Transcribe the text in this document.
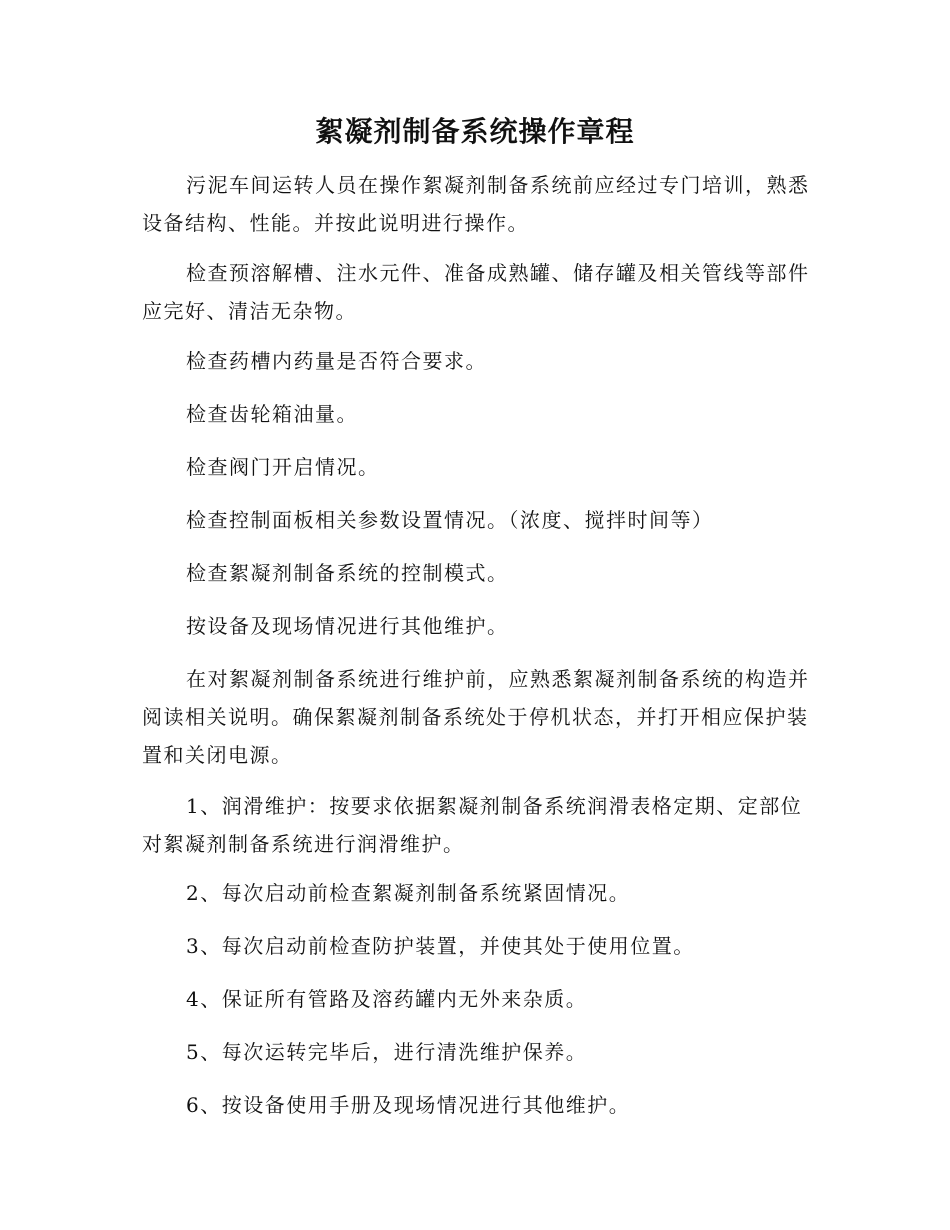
絮凝剂制备系统操作章程

污泥车间运转人员在操作絮凝剂制备系统前应经过专门培训，熟悉设备结构、性能。并按此说明进行操作。

检查预溶解槽、注水元件、准备成熟罐、储存罐及相关管线等部件应完好、清洁无杂物。

检查药槽内药量是否符合要求。

检查齿轮箱油量。

检查阀门开启情况。

检查控制面板相关参数设置情况。（浓度、搅拌时间等）

检查絮凝剂制备系统的控制模式。

按设备及现场情况进行其他维护。

在对絮凝剂制备系统进行维护前，应熟悉絮凝剂制备系统的构造并阅读相关说明。确保絮凝剂制备系统处于停机状态，并打开相应保护装置和关闭电源。

1、润滑维护：按要求依据絮凝剂制备系统润滑表格定期、定部位对絮凝剂制备系统进行润滑维护。

2、每次启动前检查絮凝剂制备系统紧固情况。

3、每次启动前检查防护装置，并使其处于使用位置。

4、保证所有管路及溶药罐内无外来杂质。

5、每次运转完毕后，进行清洗维护保养。

6、按设备使用手册及现场情况进行其他维护。
